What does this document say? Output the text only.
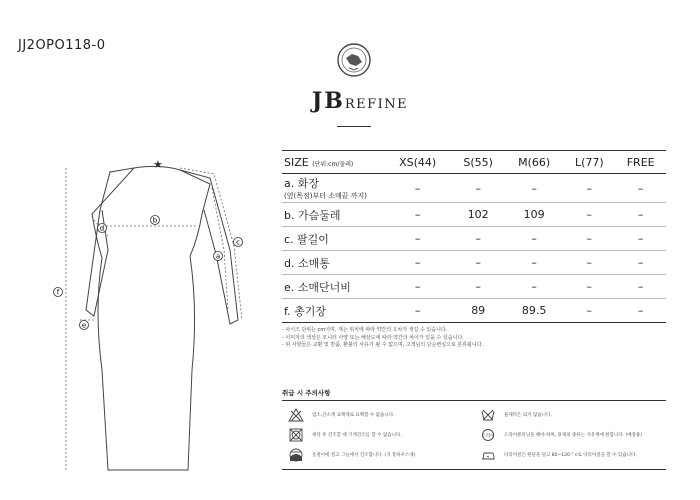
JJ2OPO118-0
JBREFINE
★
f
b
c
a
d
e
SIZE (단위:cm/둘레)	XS(44)	S(55)	M(66)	L(77)	FREE
a. 화장
(옆(목점)부터 소매끝 까지)	–	–	–	–	–
b. 가슴둘레	–	102	109	–	–
c. 팔길이	–	–	–	–	–
d. 소매통	–	–	–	–	–
e. 소매단너비	–	–	–	–	–
f. 총기장	–	89	89.5	–	–
- 사이즈 단위는 cm이며, 재는 위치에 따라 약간의 오차가 생길 수 있습니다.
- 이미지의 색상은 모니터 사양 또는 해상도에 따라 약간의 차이가 있을 수 있습니다.
- 위 사항들은 교환 및 반품, 환불의 사유가 될 수 없으며, 고객님의 단순변심으로 분류됩니다.
취급 시 주의사항
염소,산소계 표백제로 표백할 수 없습니다.	물세탁은 되지 않습니다.
세탁 후 건조할 때 기계건조를 할 수 없습니다.	드라이 드라이클리닝을 해야 하며, 용제의 종류는 석유계에 한합니다. (매장용)
옷걸이에 걸고 그늘에서 건조합니다. (귀 봉하우스제)	다리미질은 원단을 덮고 80~120 ° c로 다리미질을 할 수 있습니다.
